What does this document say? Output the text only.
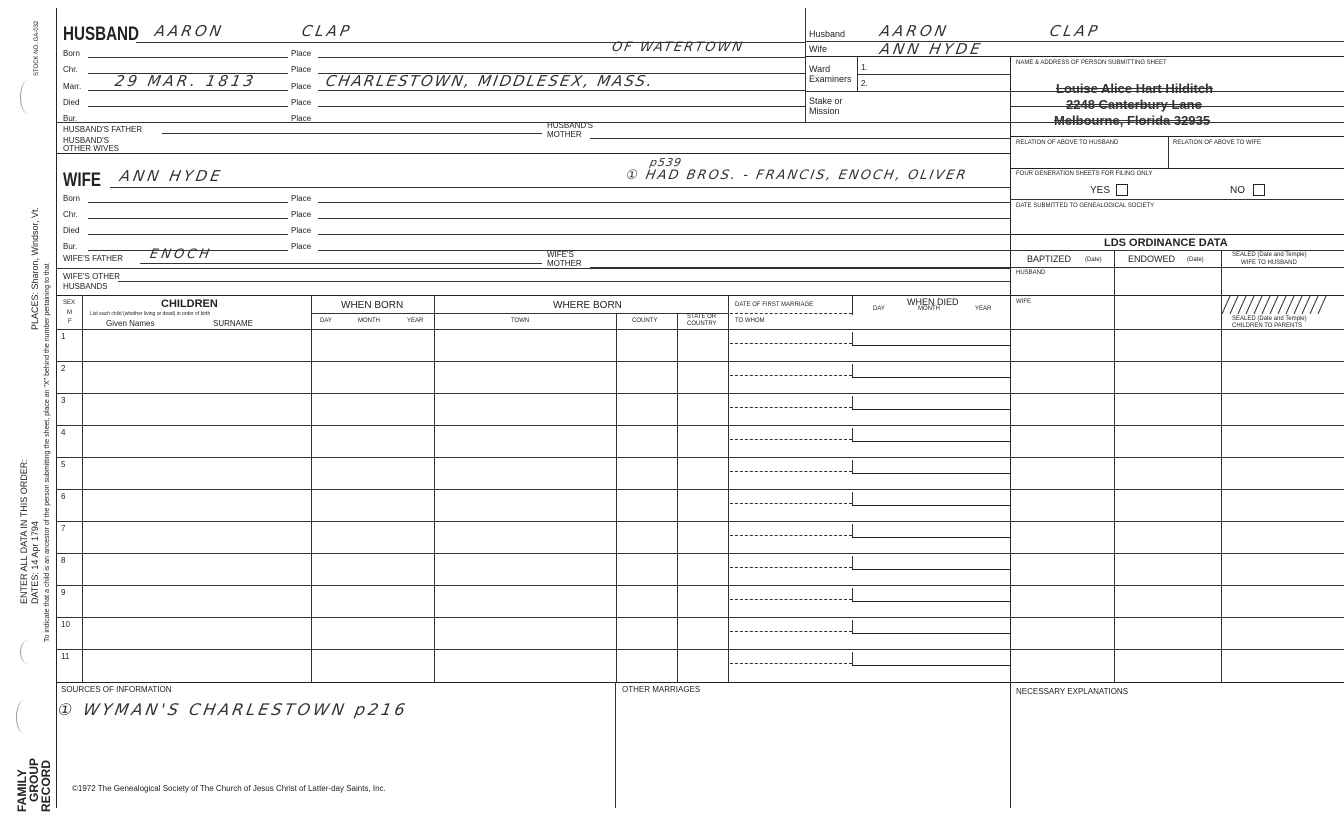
STOCK NO. GA-032
PLACES: Sharon, Windsor, Vt.
ENTER ALL DATA IN THIS ORDER: DATES: 14 Apr 1794 To indicate that a child is an ancestor of the person submitting the sheet, place an "X" behind the number pertaining to that
FAMILY
GROUP
RECORD
HUSBAND AARON	CLAP
Born	Place	OF WATERTOWN
Chr.	Place
Marr. 29 MAR. 1813	Place CHARLESTOWN, MIDDLESEX, MASS.
Died	Place
Bur.	Place
HUSBAND'S FATHER	HUSBAND'S
MOTHER
HUSBAND'S
OTHER WIVES
WIFE ANN HYDE
p539
① HAD BROS. - FRANCIS, ENOCH, OLIVER
Born	Place
Chr.	Place
Died	Place
Bur.	Place
WIFE'S FATHER ENOCH	WIFE'S
MOTHER
WIFE'S OTHER
HUSBANDS
Husband AARON	CLAP
Wife	ANN HYDE
Ward
Examiners
1.
2.
Stake or
Mission
NAME & ADDRESS OF PERSON SUBMITTING SHEET
Louise Alice Hart Hilditch
2248 Canterbury Lane
Melbourne, Florida 32935
RELATION OF ABOVE TO HUSBAND	RELATION OF ABOVE TO WIFE
FOUR GENERATION SHEETS FOR FILING ONLY
YES	NO
DATE SUBMITTED TO GENEALOGICAL SOCIETY
LDS ORDINANCE DATA
BAPTIZED (Date)	ENDOWED (Date)
SEALED (Date and Temple)
WIFE TO HUSBAND
HUSBAND
WIFE
SEALED (Date and Temple)
CHILDREN TO PARENTS
SEX
M
F
CHILDREN
List each child (whether living or dead) in order of birth
Given Names	SURNAME
WHEN BORN
DAY	MONTH	YEAR
WHERE BORN
TOWN	COUNTY
STATE OR
COUNTRY
DATE OF FIRST MARRIAGE
TO WHOM
WHEN DIED
DAY	MONTH	YEAR
1
2
3
4
5
6
7
8
9
10
11
SOURCES OF INFORMATION
① WYMAN'S CHARLESTOWN p216
OTHER MARRIAGES	NECESSARY EXPLANATIONS
©1972 The Genealogical Society of The Church of Jesus Christ of Latter-day Saints, Inc.
